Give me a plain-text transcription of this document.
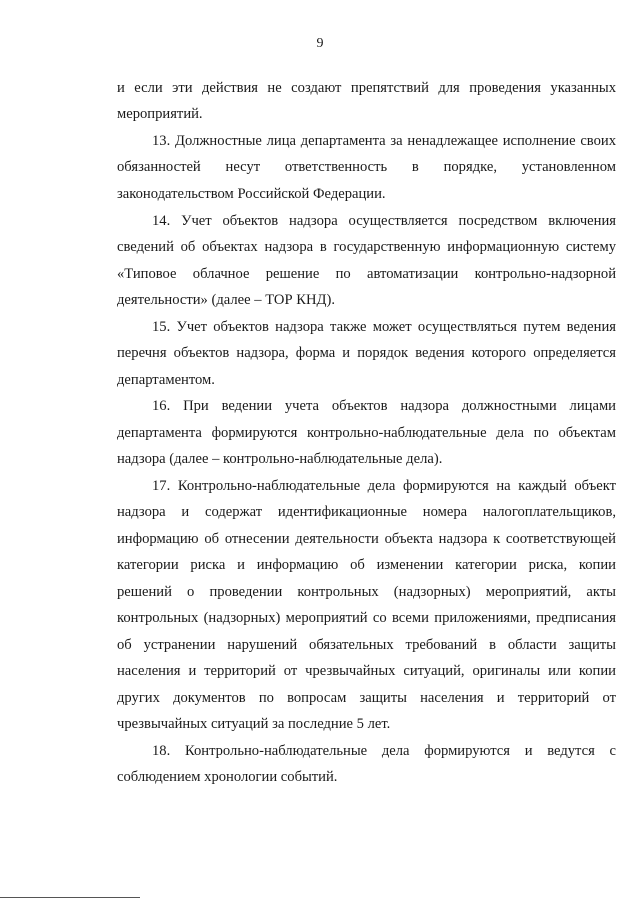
9
и если эти действия не создают препятствий для проведения указанных
мероприятий.
13. Должностные лица департамента за ненадлежащее исполнение своих
обязанностей несут ответственность в порядке, установленном
законодательством Российской Федерации.
14. Учет объектов надзора осуществляется посредством включения
сведений об объектах надзора в государственную информационную систему
«Типовое облачное решение по автоматизации контрольно-надзорной
деятельности» (далее – ТОР КНД).
15. Учет объектов надзора также может осуществляться путем ведения
перечня объектов надзора, форма и порядок ведения которого определяется
департаментом.
16. При ведении учета объектов надзора должностными лицами
департамента формируются контрольно-наблюдательные дела по объектам
надзора (далее – контрольно-наблюдательные дела).
17. Контрольно-наблюдательные дела формируются на каждый объект
надзора и содержат идентификационные номера налогоплательщиков,
информацию об отнесении деятельности объекта надзора к соответствующей
категории риска и информацию об изменении категории риска, копии
решений о проведении контрольных (надзорных) мероприятий, акты
контрольных (надзорных) мероприятий со всеми приложениями, предписания
об устранении нарушений обязательных требований в области защиты
населения и территорий от чрезвычайных ситуаций, оригиналы или копии
других документов по вопросам защиты населения и территорий от
чрезвычайных ситуаций за последние 5 лет.
18. Контрольно-наблюдательные дела формируются и ведутся с
соблюдением хронологии событий.
